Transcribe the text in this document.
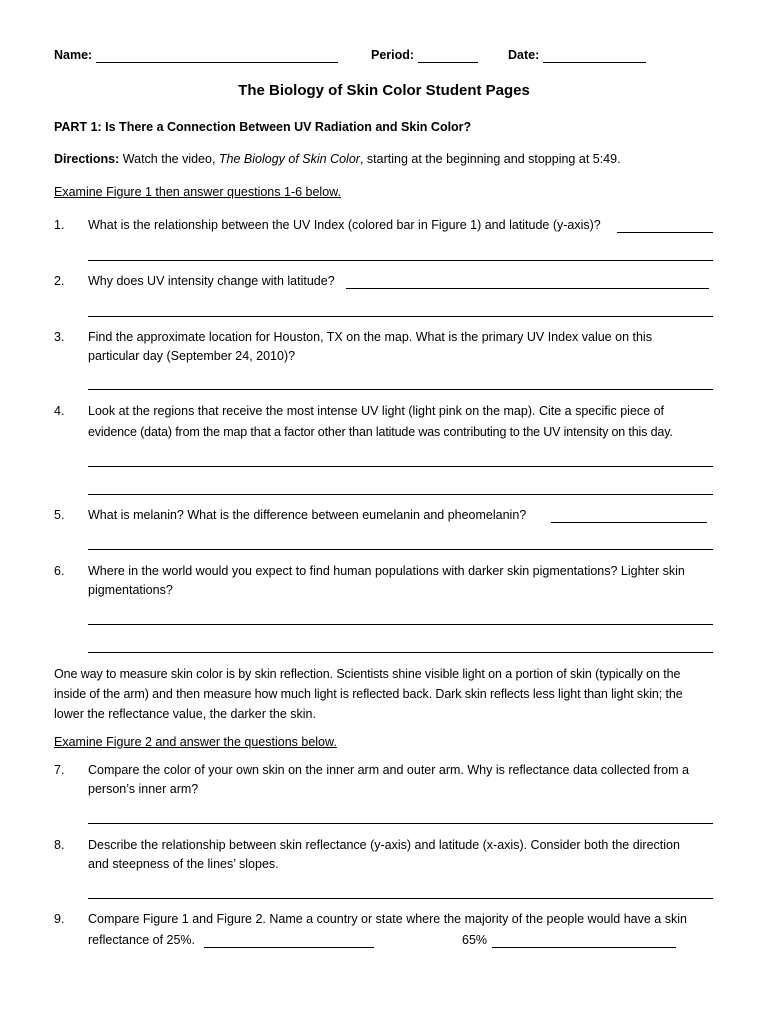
Name:	Period:	Date:
The Biology of Skin Color Student Pages
PART 1: Is There a Connection Between UV Radiation and Skin Color?
Directions: Watch the video, The Biology of Skin Color, starting at the beginning and stopping at 5:49.
Examine Figure 1 then answer questions 1-6 below.
1. What is the relationship between the UV Index (colored bar in Figure 1) and latitude (y-axis)?
2. Why does UV intensity change with latitude?
3. Find the approximate location for Houston, TX on the map. What is the primary UV Index value on this
particular day (September 24, 2010)?
4. Look at the regions that receive the most intense UV light (light pink on the map). Cite a specific piece of
evidence (data) from the map that a factor other than latitude was contributing to the UV intensity on this day.
5. What is melanin? What is the difference between eumelanin and pheomelanin?
6. Where in the world would you expect to find human populations with darker skin pigmentations? Lighter skin
pigmentations?
One way to measure skin color is by skin reflection. Scientists shine visible light on a portion of skin (typically on the
inside of the arm) and then measure how much light is reflected back. Dark skin reflects less light than light skin; the
lower the reflectance value, the darker the skin.
Examine Figure 2 and answer the questions below.
7. Compare the color of your own skin on the inner arm and outer arm. Why is reflectance data collected from a
person’s inner arm?
8. Describe the relationship between skin reflectance (y-axis) and latitude (x-axis). Consider both the direction
and steepness of the lines’ slopes.
9. Compare Figure 1 and Figure 2. Name a country or state where the majority of the people would have a skin
reflectance of 25%.	65%
